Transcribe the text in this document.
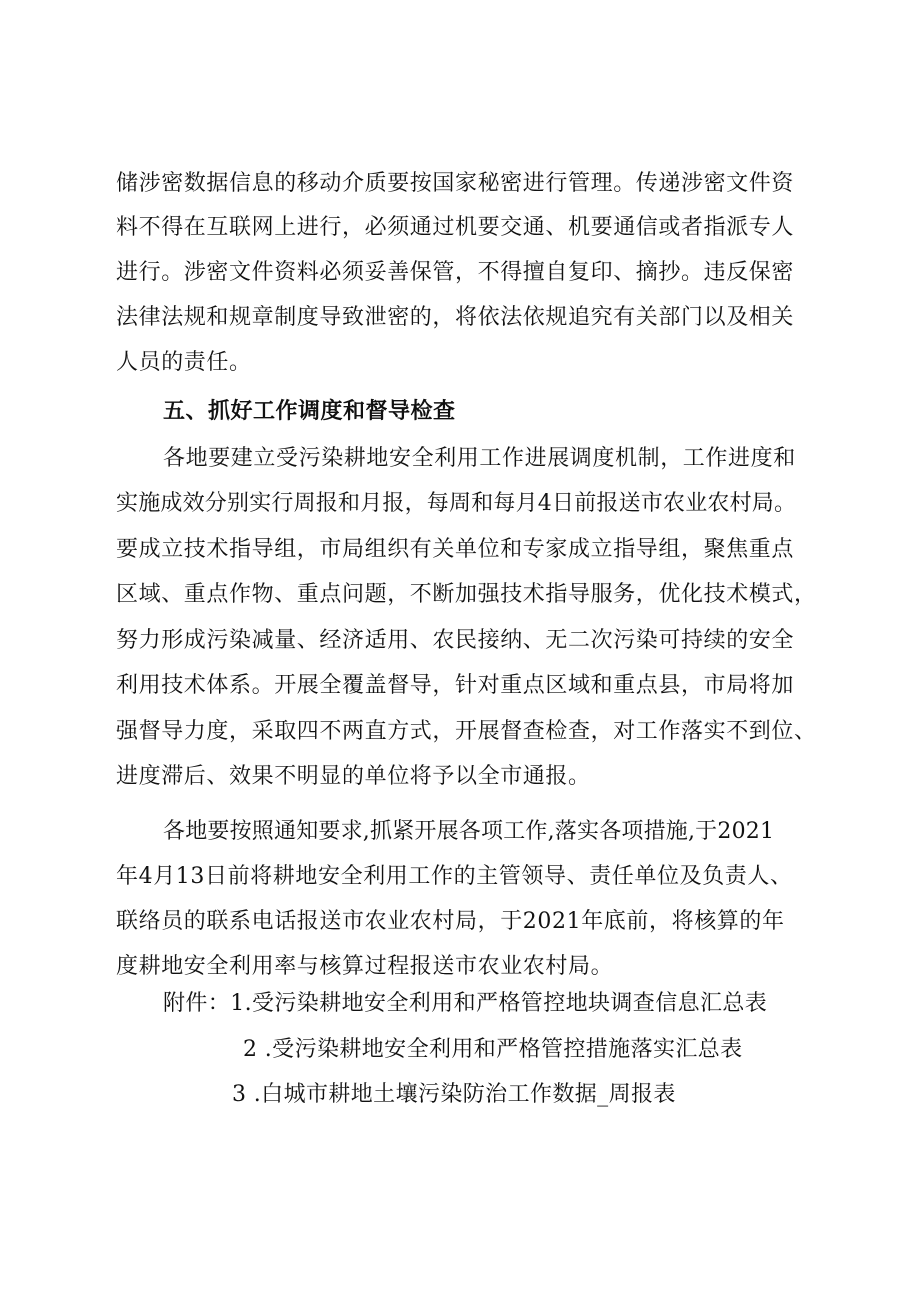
储涉密数据信息的移动介质要按国家秘密进行管理。传递涉密文件资
料不得在互联网上进行，必须通过机要交通、机要通信或者指派专人
进行。涉密文件资料必须妥善保管，不得擅自复印、摘抄。违反保密
法律法规和规章制度导致泄密的，将依法依规追究有关部门以及相关
人员的责任。
五、抓好工作调度和督导检查
各地要建立受污染耕地安全利用工作进展调度机制，工作进度和
实施成效分别实行周报和月报，每周和每月4日前报送市农业农村局。
要成立技术指导组，市局组织有关单位和专家成立指导组，聚焦重点
区域、重点作物、重点问题，不断加强技术指导服务，优化技术模式，
努力形成污染减量、经济适用、农民接纳、无二次污染可持续的安全
利用技术体系。开展全覆盖督导，针对重点区域和重点县，市局将加
强督导力度，采取四不两直方式，开展督查检查，对工作落实不到位、
进度滞后、效果不明显的单位将予以全市通报。
各地要按照通知要求,抓紧开展各项工作,落实各项措施,于2021
年4月13日前将耕地安全利用工作的主管领导、责任单位及负责人、
联络员的联系电话报送市农业农村局，于2021年底前，将核算的年
度耕地安全利用率与核算过程报送市农业农村局。
附件：1.受污染耕地安全利用和严格管控地块调查信息汇总表
2 .受污染耕地安全利用和严格管控措施落实汇总表
3 .白城市耕地土壤污染防治工作数据_周报表
